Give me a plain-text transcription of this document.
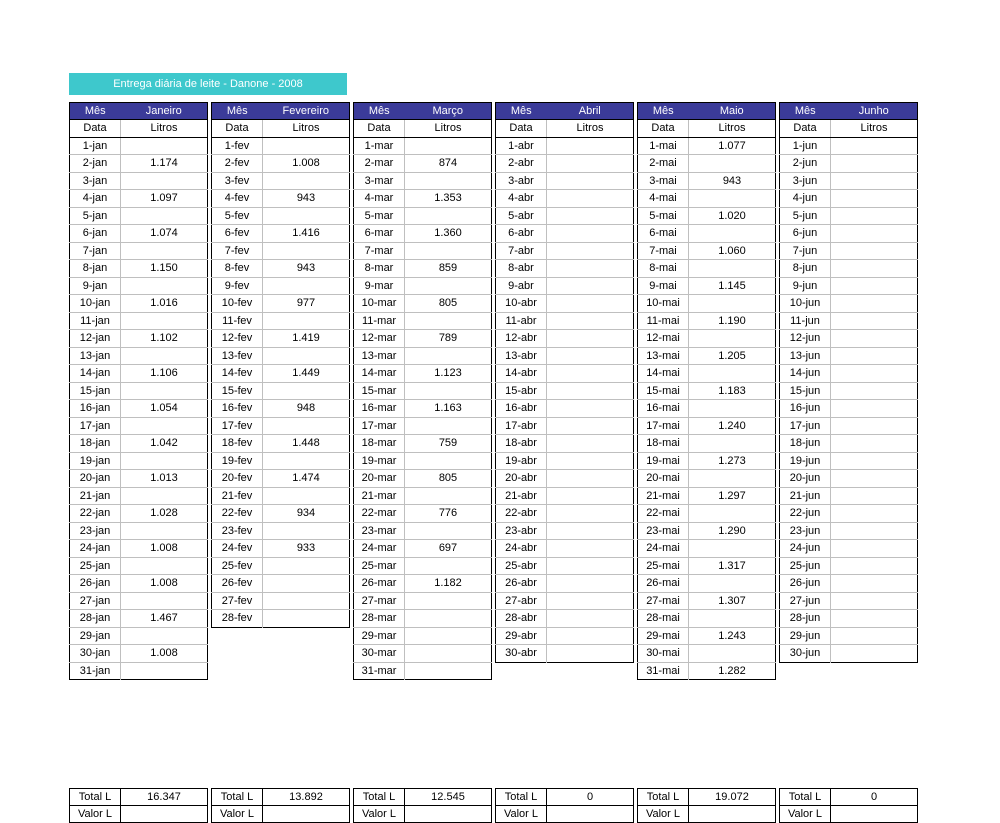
Entrega diária de leite - Danone - 2008
Mês	Janeiro
Data	Litros
1-jan	
2-jan	1.174
3-jan	
4-jan	1.097
5-jan	
6-jan	1.074
7-jan	
8-jan	1.150
9-jan	
10-jan	1.016
11-jan	
12-jan	1.102
13-jan	
14-jan	1.106
15-jan	
16-jan	1.054
17-jan	
18-jan	1.042
19-jan	
20-jan	1.013
21-jan	
22-jan	1.028
23-jan	
24-jan	1.008
25-jan	
26-jan	1.008
27-jan	
28-jan	1.467
29-jan	
30-jan	1.008
31-jan	
Total L	16.347
Valor L	
Mês	Fevereiro
Data	Litros
1-fev	
2-fev	1.008
3-fev	
4-fev	943
5-fev	
6-fev	1.416
7-fev	
8-fev	943
9-fev	
10-fev	977
11-fev	
12-fev	1.419
13-fev	
14-fev	1.449
15-fev	
16-fev	948
17-fev	
18-fev	1.448
19-fev	
20-fev	1.474
21-fev	
22-fev	934
23-fev	
24-fev	933
25-fev	
26-fev	
27-fev	
28-fev	
Total L	13.892
Valor L	
Mês	Março
Data	Litros
1-mar	
2-mar	874
3-mar	
4-mar	1.353
5-mar	
6-mar	1.360
7-mar	
8-mar	859
9-mar	
10-mar	805
11-mar	
12-mar	789
13-mar	
14-mar	1.123
15-mar	
16-mar	1.163
17-mar	
18-mar	759
19-mar	
20-mar	805
21-mar	
22-mar	776
23-mar	
24-mar	697
25-mar	
26-mar	1.182
27-mar	
28-mar	
29-mar	
30-mar	
31-mar	
Total L	12.545
Valor L	
Mês	Abril
Data	Litros
1-abr	
2-abr	
3-abr	
4-abr	
5-abr	
6-abr	
7-abr	
8-abr	
9-abr	
10-abr	
11-abr	
12-abr	
13-abr	
14-abr	
15-abr	
16-abr	
17-abr	
18-abr	
19-abr	
20-abr	
21-abr	
22-abr	
23-abr	
24-abr	
25-abr	
26-abr	
27-abr	
28-abr	
29-abr	
30-abr	
Total L	0
Valor L	
Mês	Maio
Data	Litros
1-mai	1.077
2-mai	
3-mai	943
4-mai	
5-mai	1.020
6-mai	
7-mai	1.060
8-mai	
9-mai	1.145
10-mai	
11-mai	1.190
12-mai	
13-mai	1.205
14-mai	
15-mai	1.183
16-mai	
17-mai	1.240
18-mai	
19-mai	1.273
20-mai	
21-mai	1.297
22-mai	
23-mai	1.290
24-mai	
25-mai	1.317
26-mai	
27-mai	1.307
28-mai	
29-mai	1.243
30-mai	
31-mai	1.282
Total L	19.072
Valor L	
Mês	Junho
Data	Litros
1-jun	
2-jun	
3-jun	
4-jun	
5-jun	
6-jun	
7-jun	
8-jun	
9-jun	
10-jun	
11-jun	
12-jun	
13-jun	
14-jun	
15-jun	
16-jun	
17-jun	
18-jun	
19-jun	
20-jun	
21-jun	
22-jun	
23-jun	
24-jun	
25-jun	
26-jun	
27-jun	
28-jun	
29-jun	
30-jun	
Total L	0
Valor L	
